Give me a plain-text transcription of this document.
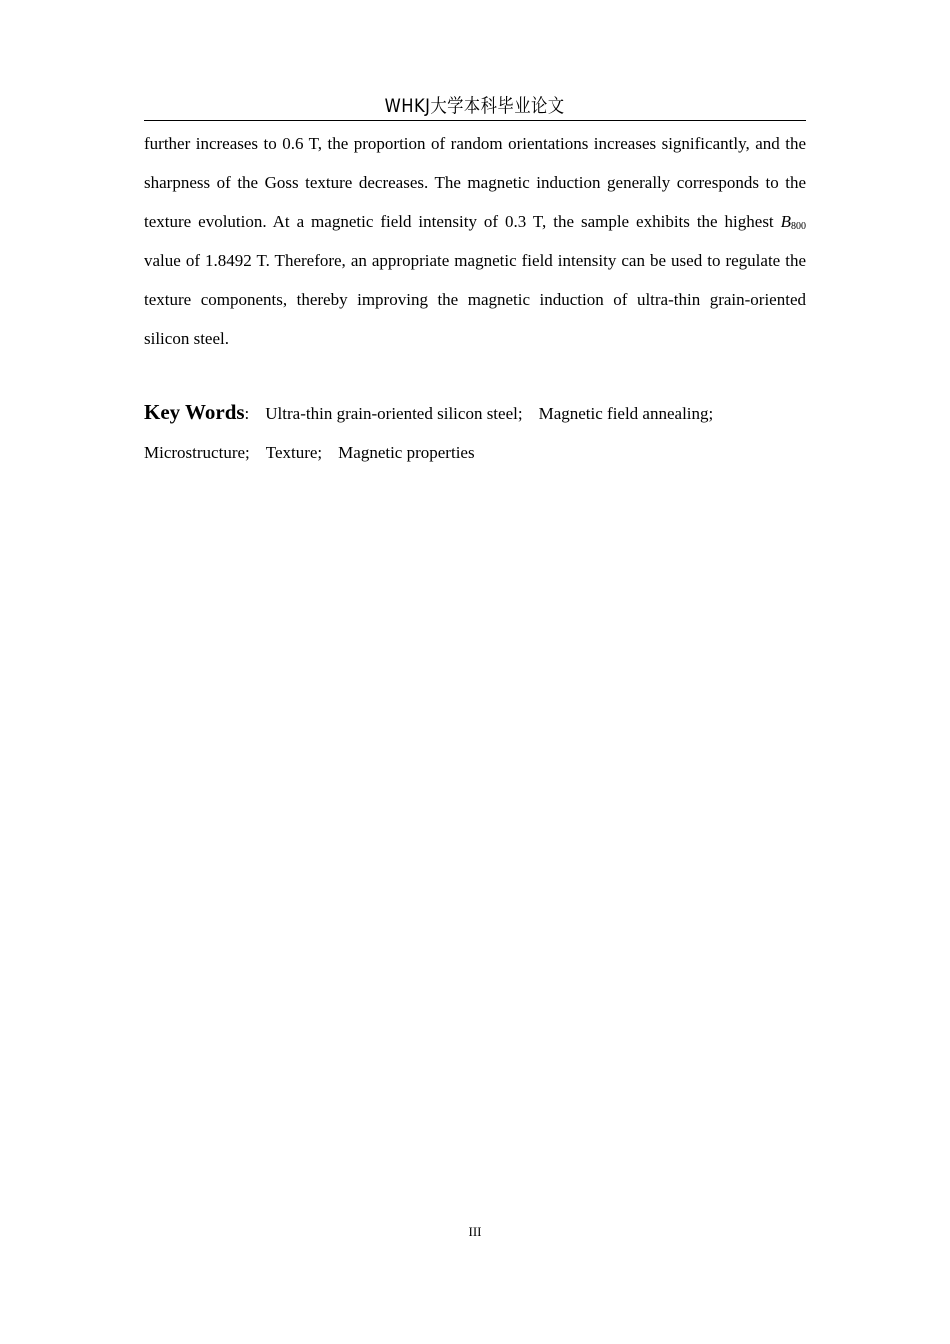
WHKJ大学本科毕业论文

further increases to 0.6 T, the proportion of random orientations increases significantly, and the sharpness of the Goss texture decreases. The magnetic induction generally corresponds to the texture evolution. At a magnetic field intensity of 0.3 T, the sample exhibits the highest $B_{800}$ value of 1.8492 T. Therefore, an appropriate magnetic field intensity can be used to regulate the texture components, thereby improving the magnetic induction of ultra-thin grain-oriented silicon steel.

Key Words: Ultra-thin grain-oriented silicon steel; Magnetic field annealing;
Microstructure; Texture; Magnetic properties
III
